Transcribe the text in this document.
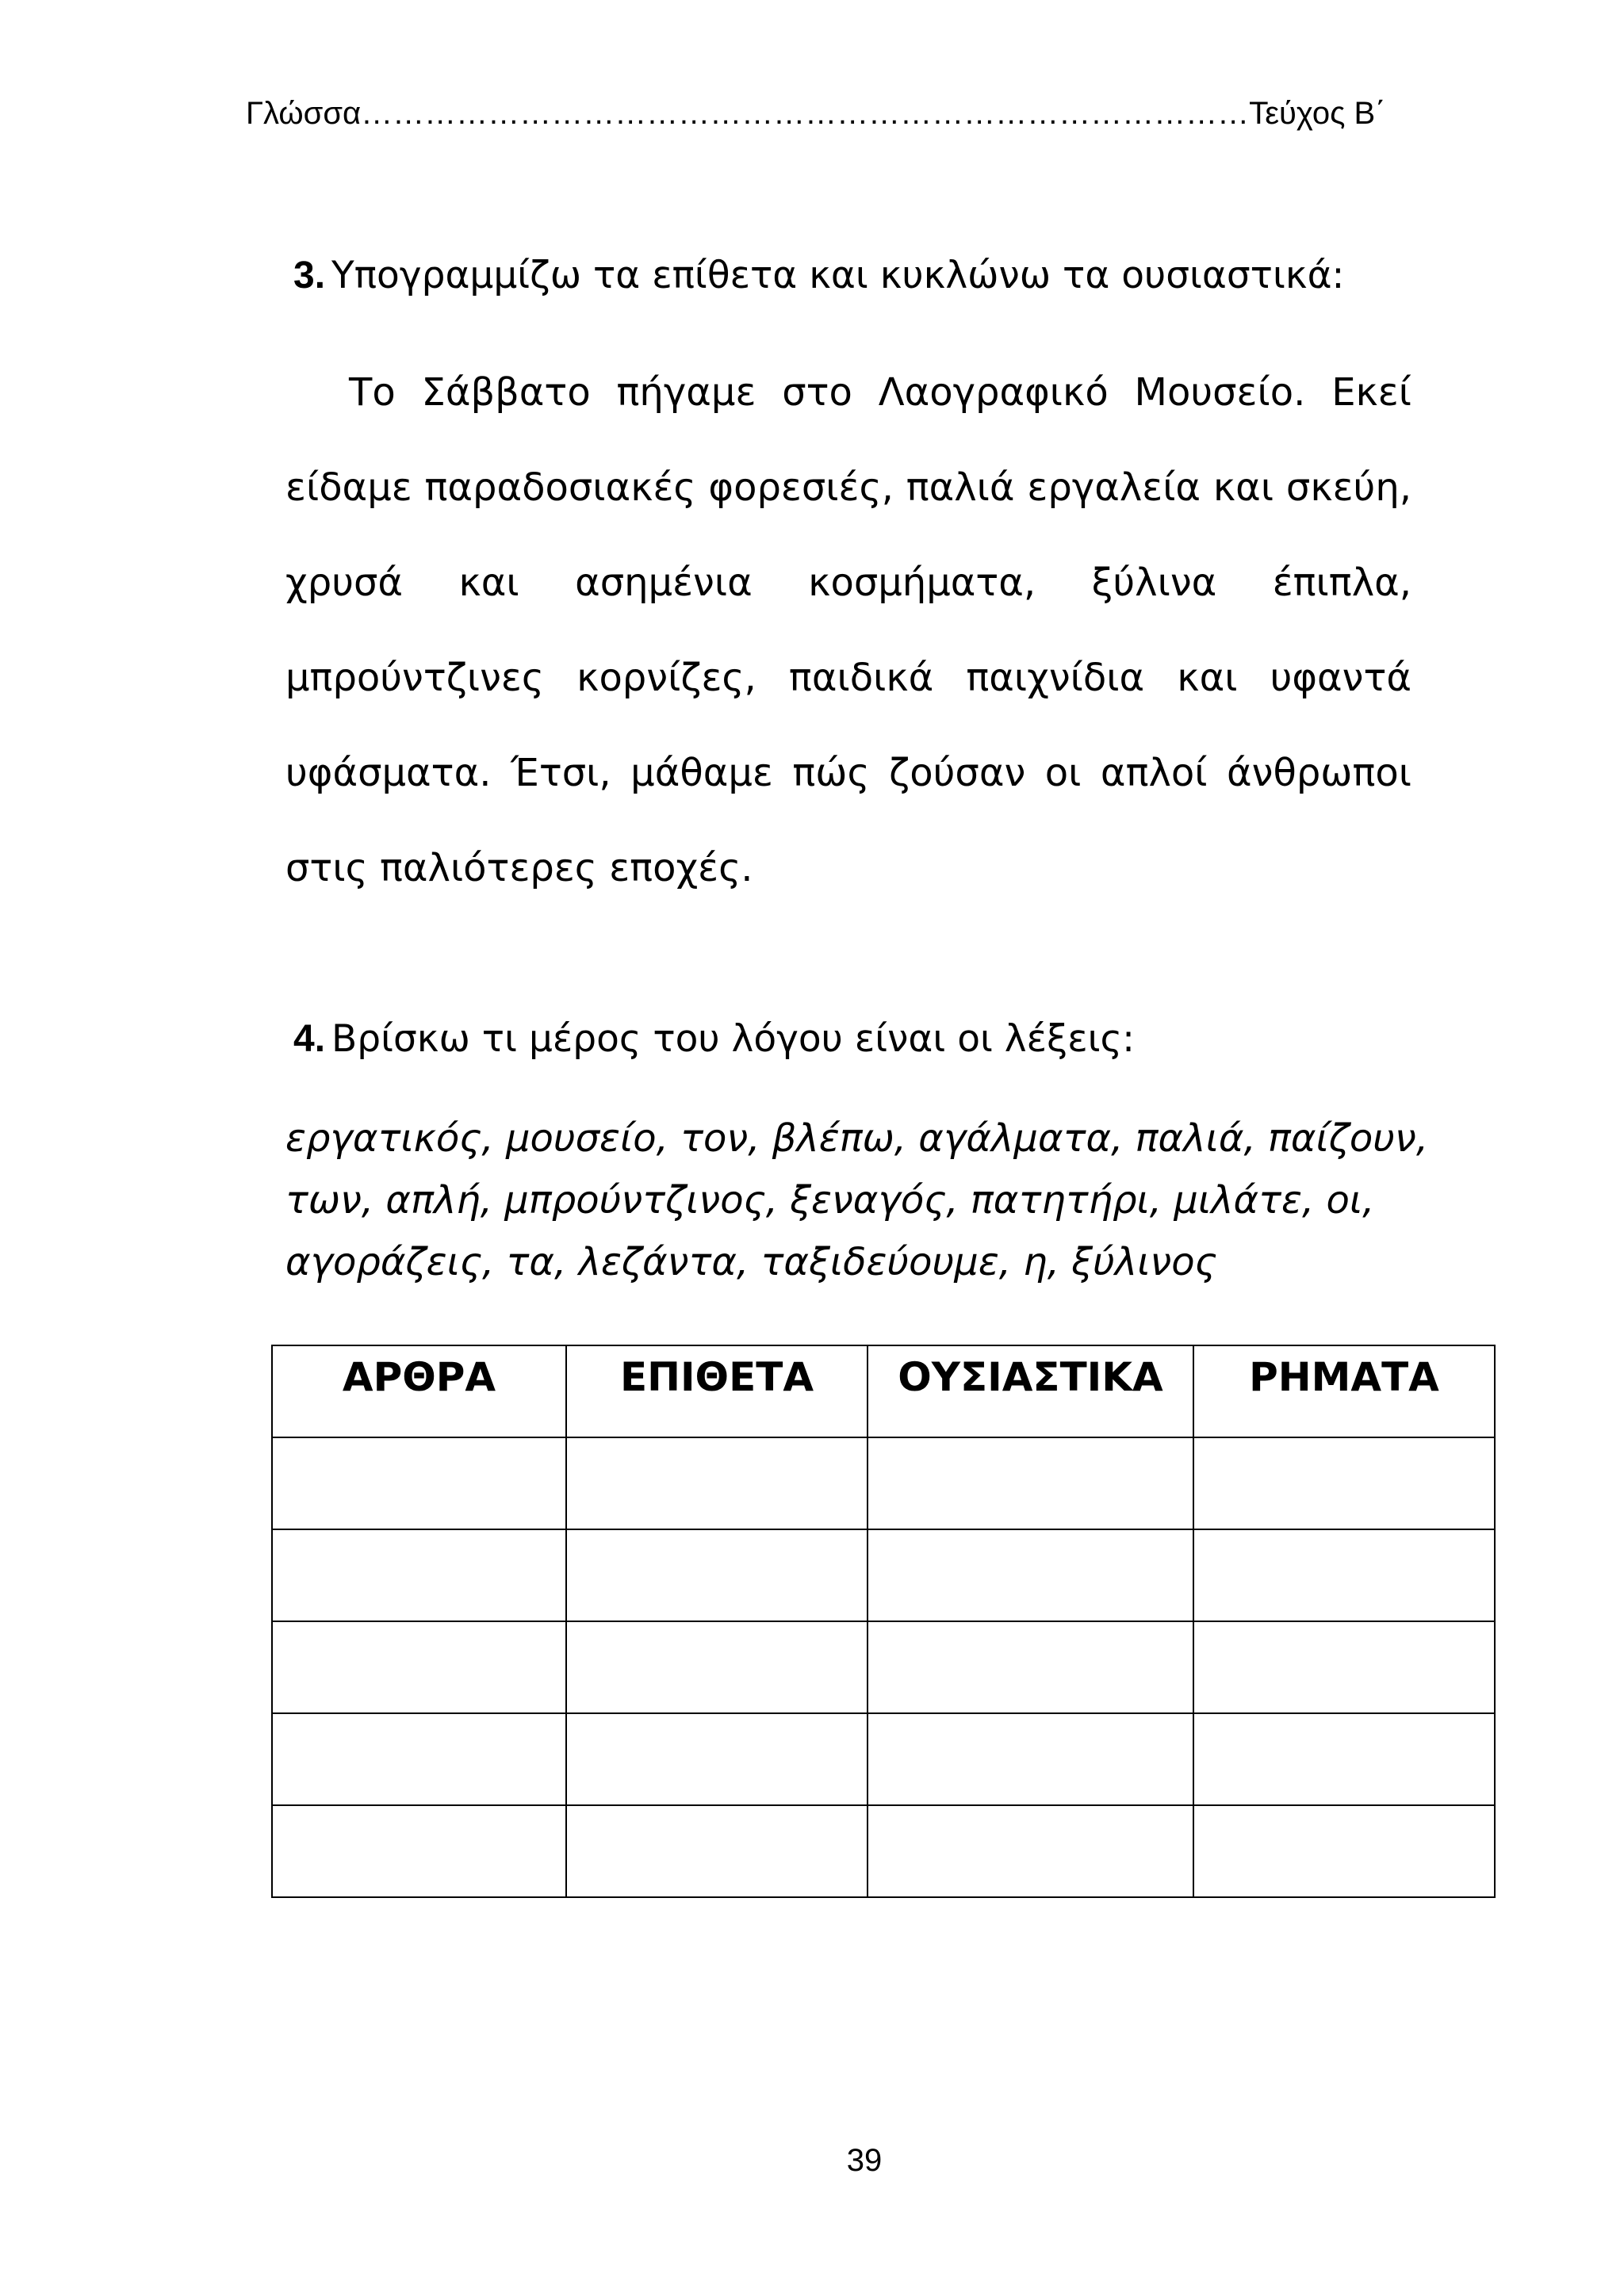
Γλώσσα…………………………………………………………………………Τεύχος Β΄
3. Υπογραμμίζω τα επίθετα και κυκλώνω τα ουσιαστικά:
Το Σάββατο πήγαμε στο Λαογραφικό Μουσείο. Εκεί
είδαμε παραδοσιακές φορεσιές, παλιά εργαλεία και σκεύη,
χρυσά και ασημένια κοσμήματα, ξύλινα έπιπλα,
μπρούντζινες κορνίζες, παιδικά παιχνίδια και υφαντά
υφάσματα. Έτσι, μάθαμε πώς ζούσαν οι απλοί άνθρωποι
στις παλιότερες εποχές.
4. Βρίσκω τι μέρος του λόγου είναι οι λέξεις:
εργατικός, μουσείο, τον, βλέπω, αγάλματα, παλιά, παίζουν,
των, απλή, μπρούντζινος, ξεναγός, πατητήρι, μιλάτε, οι,
αγοράζεις, τα, λεζάντα, ταξιδεύουμε, η, ξύλινος
ΑΡΘΡΑ	ΕΠΙΘΕΤΑ	ΟΥΣΙΑΣΤΙΚΑ	ΡΗΜΑΤΑ

39
